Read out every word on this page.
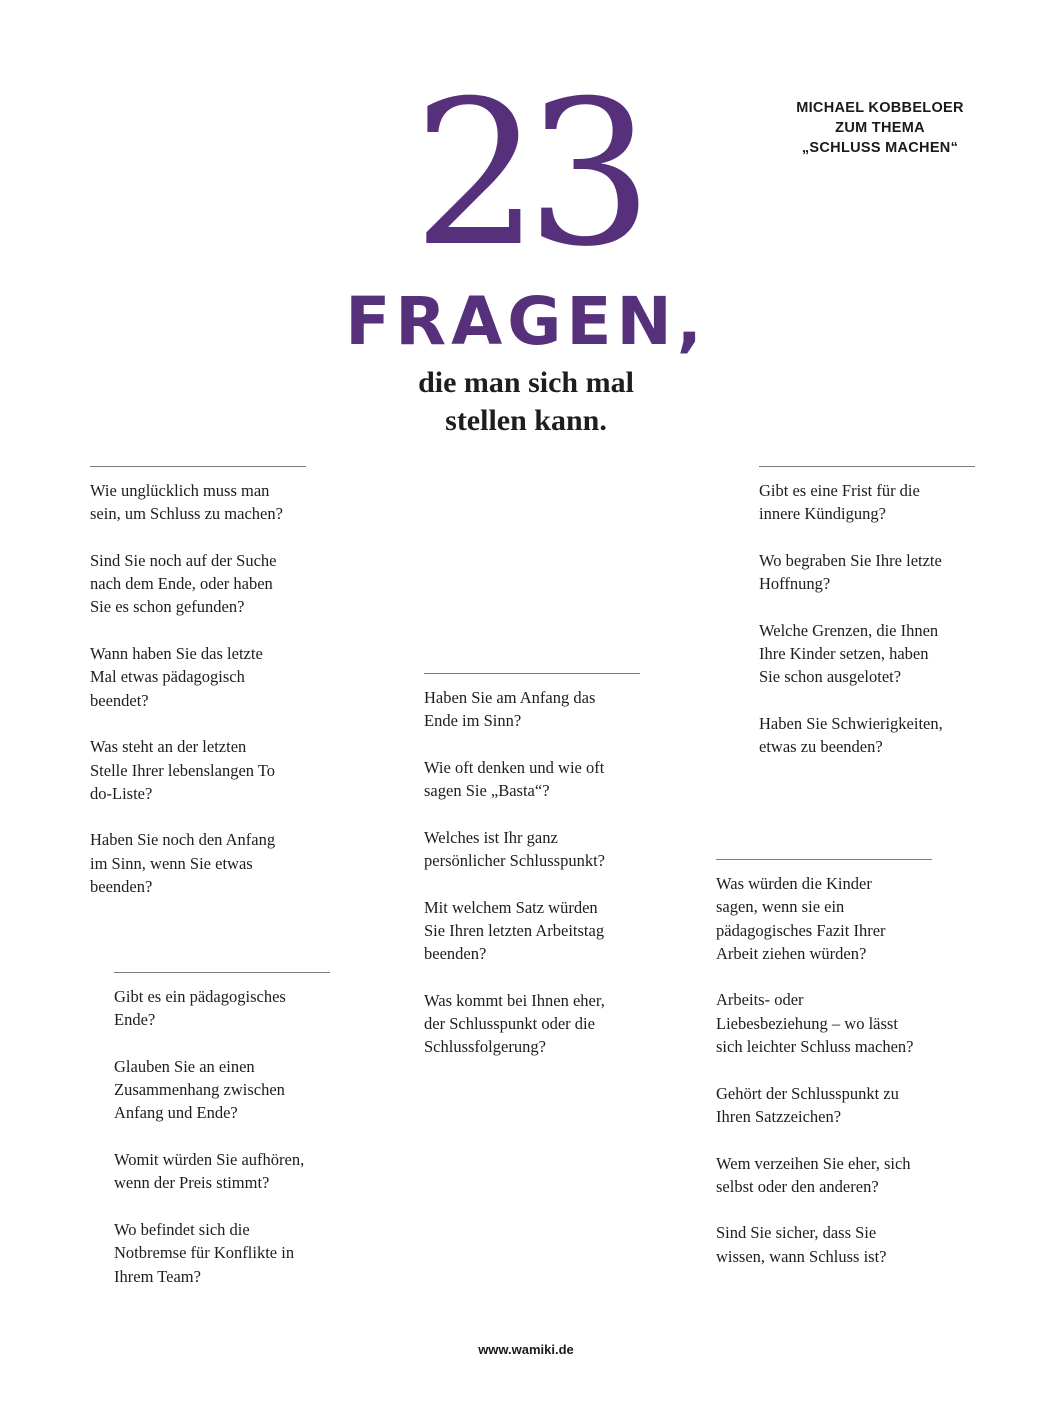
MICHAEL KOBBELOER
ZUM THEMA
„SCHLUSS MACHEN“
23
FRAGEN,
die man sich mal
stellen kann.
Wie unglücklich muss man
sein, um Schluss zu machen?
Sind Sie noch auf der Suche
nach dem Ende, oder haben
Sie es schon gefunden?
Wann haben Sie das letzte
Mal etwas pädagogisch
beendet?
Was steht an der letzten
Stelle Ihrer lebenslangen To
do-Liste?
Haben Sie noch den Anfang
im Sinn, wenn Sie etwas
beenden?
Gibt es ein pädagogisches
Ende?
Glauben Sie an einen
Zusammenhang zwischen
Anfang und Ende?
Womit würden Sie aufhören,
wenn der Preis stimmt?
Wo befindet sich die
Notbremse für Konflikte in
Ihrem Team?
Haben Sie am Anfang das
Ende im Sinn?
Wie oft denken und wie oft
sagen Sie „Basta“?
Welches ist Ihr ganz
persönlicher Schlusspunkt?
Mit welchem Satz würden
Sie Ihren letzten Arbeitstag
beenden?
Was kommt bei Ihnen eher,
der Schlusspunkt oder die
Schlussfolgerung?
Gibt es eine Frist für die
innere Kündigung?
Wo begraben Sie Ihre letzte
Hoffnung?
Welche Grenzen, die Ihnen
Ihre Kinder setzen, haben
Sie schon ausgelotet?
Haben Sie Schwierigkeiten,
etwas zu beenden?
Was würden die Kinder
sagen, wenn sie ein
pädagogisches Fazit Ihrer
Arbeit ziehen würden?
Arbeits- oder
Liebesbeziehung – wo lässt
sich leichter Schluss machen?
Gehört der Schlusspunkt zu
Ihren Satzzeichen?
Wem verzeihen Sie eher, sich
selbst oder den anderen?
Sind Sie sicher, dass Sie
wissen, wann Schluss ist?
www.wamiki.de
